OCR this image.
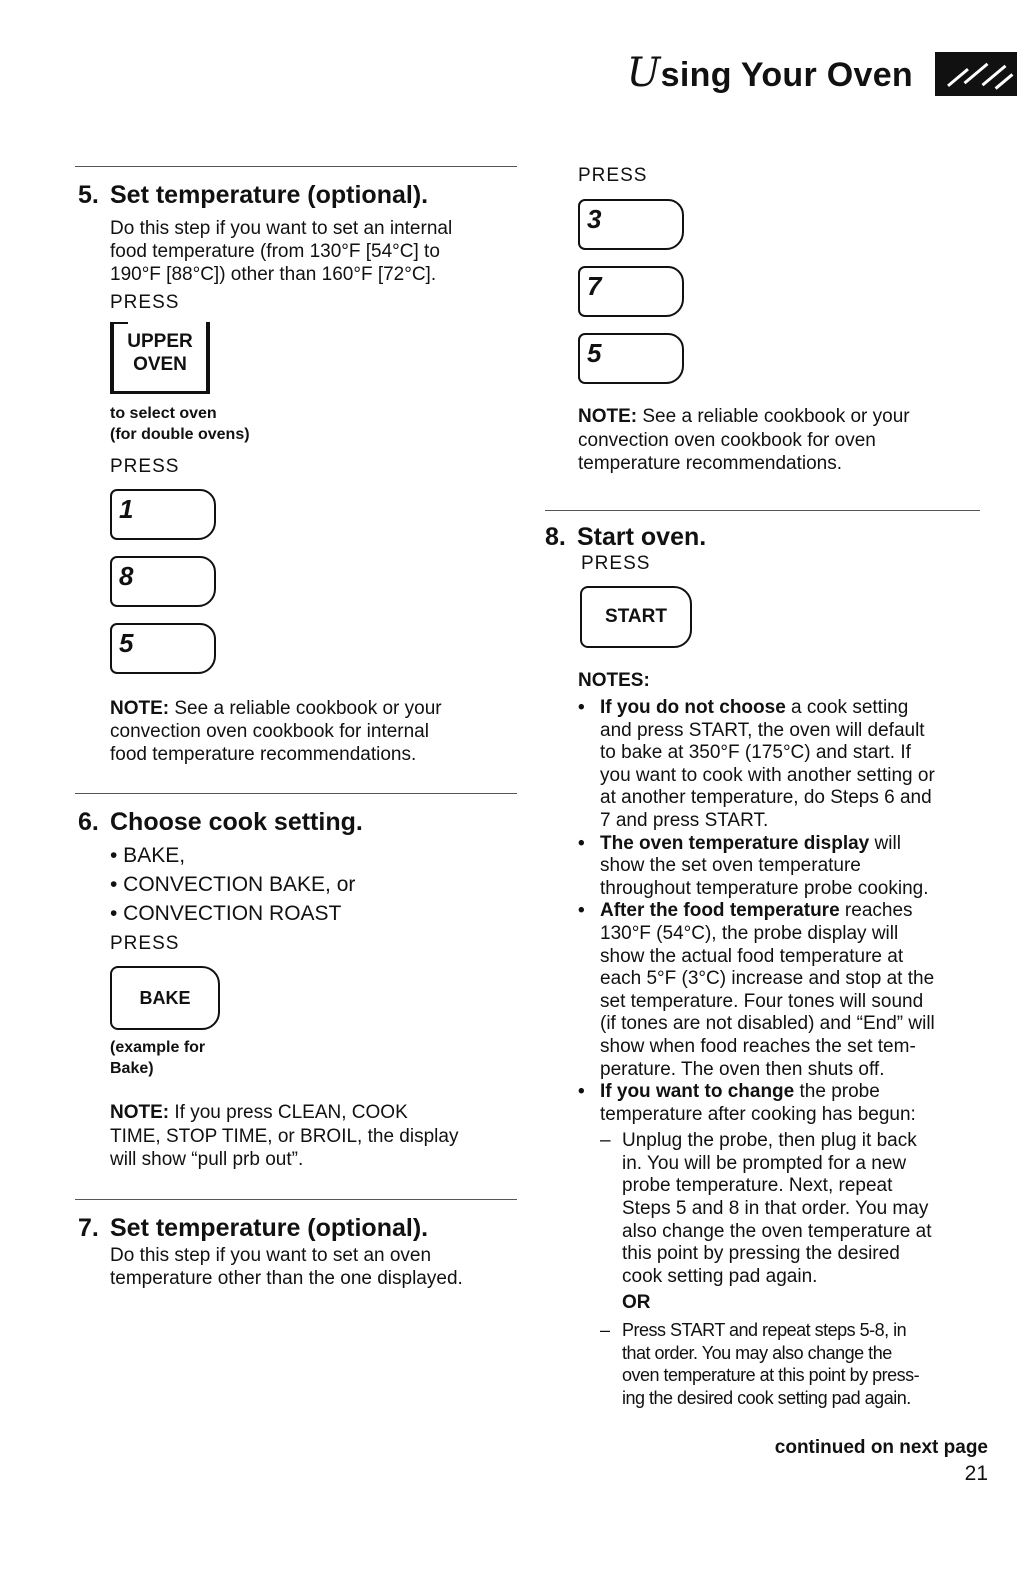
Using Your Oven
5. Set temperature (optional).
Do this step if you want to set an internal
food temperature (from 130°F [54°C] to
190°F [88°C]) other than 160°F [72°C].
PRESS
UPPER
OVEN
to select oven
(for double ovens)
PRESS
1
8
5
NOTE: See a reliable cookbook or your
convection oven cookbook for internal
food temperature recommendations.
6. Choose cook setting.
• BAKE,
• CONVECTION BAKE, or
• CONVECTION ROAST
PRESS
BAKE
(example for
Bake)
NOTE: If you press CLEAN, COOK
TIME, STOP TIME, or BROIL, the display
will show “pull prb out”.
7. Set temperature (optional).
Do this step if you want to set an oven
temperature other than the one displayed.
PRESS
3
7
5
NOTE: See a reliable cookbook or your
convection oven cookbook for oven
temperature recommendations.
8. Start oven.
PRESS
START
NOTES:
• If you do not choose a cook setting
and press START, the oven will default
to bake at 350°F (175°C) and start. If
you want to cook with another setting or
at another temperature, do Steps 6 and
7 and press START.
• The oven temperature display will
show the set oven temperature
throughout temperature probe cooking.
• After the food temperature reaches
130°F (54°C), the probe display will
show the actual food temperature at
each 5°F (3°C) increase and stop at the
set temperature. Four tones will sound
(if tones are not disabled) and “End” will
show when food reaches the set tem-
perature. The oven then shuts off.
• If you want to change the probe
temperature after cooking has begun:
– Unplug the probe, then plug it back
in. You will be prompted for a new
probe temperature. Next, repeat
Steps 5 and 8 in that order. You may
also change the oven temperature at
this point by pressing the desired
cook setting pad again.
OR
– Press START and repeat steps 5-8, in
that order. You may also change the
oven temperature at this point by press-
ing the desired cook setting pad again.
continued on next page
21
